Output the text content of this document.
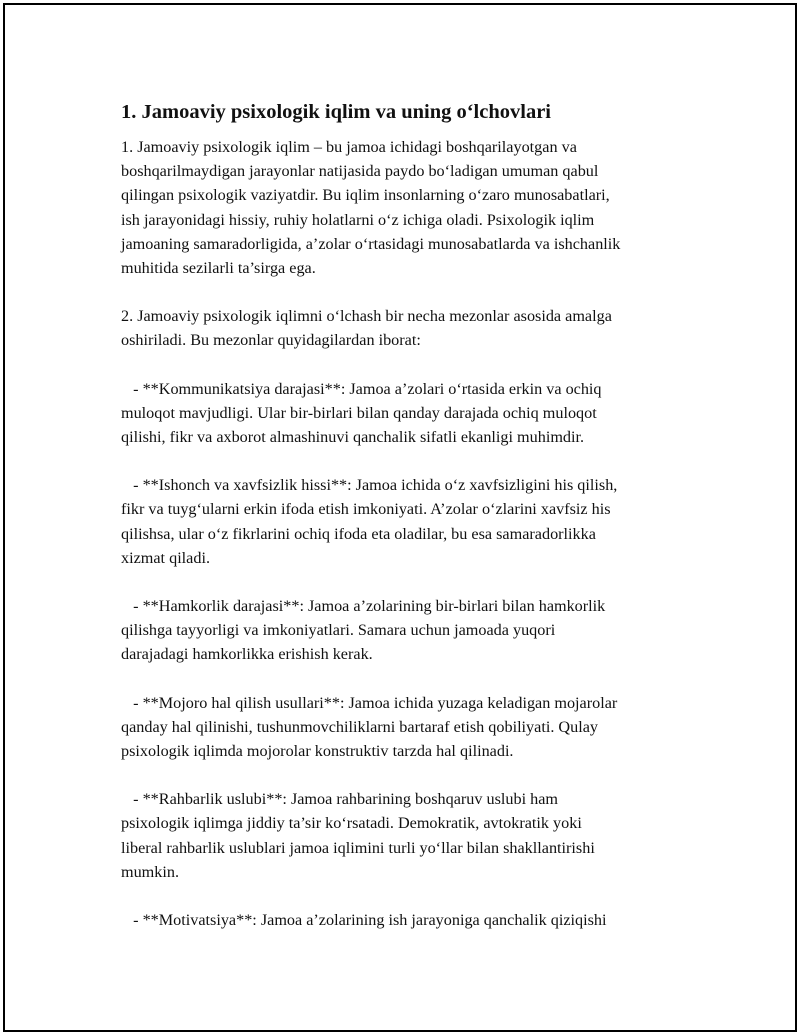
1. Jamoaviy psixologik iqlim va uning o‘lchovlari

1. Jamoaviy psixologik iqlim – bu jamoa ichidagi boshqarilayotgan va
boshqarilmaydigan jarayonlar natijasida paydo bo‘ladigan umuman qabul
qilingan psixologik vaziyatdir. Bu iqlim insonlarning o‘zaro munosabatlari,
ish jarayonidagi hissiy, ruhiy holatlarni o‘z ichiga oladi. Psixologik iqlim
jamoaning samaradorligida, a’zolar o‘rtasidagi munosabatlarda va ishchanlik
muhitida sezilarli ta’sirga ega.

2. Jamoaviy psixologik iqlimni o‘lchash bir necha mezonlar asosida amalga
oshiriladi. Bu mezonlar quyidagilardan iborat:

- **Kommunikatsiya darajasi**: Jamoa a’zolari o‘rtasida erkin va ochiq
muloqot mavjudligi. Ular bir-birlari bilan qanday darajada ochiq muloqot
qilishi, fikr va axborot almashinuvi qanchalik sifatli ekanligi muhimdir.

- **Ishonch va xavfsizlik hissi**: Jamoa ichida o‘z xavfsizligini his qilish,
fikr va tuyg‘ularni erkin ifoda etish imkoniyati. A’zolar o‘zlarini xavfsiz his
qilishsa, ular o‘z fikrlarini ochiq ifoda eta oladilar, bu esa samaradorlikka
xizmat qiladi.

- **Hamkorlik darajasi**: Jamoa a’zolarining bir-birlari bilan hamkorlik
qilishga tayyorligi va imkoniyatlari. Samara uchun jamoada yuqori
darajadagi hamkorlikka erishish kerak.

- **Mojoro hal qilish usullari**: Jamoa ichida yuzaga keladigan mojarolar
qanday hal qilinishi, tushunmovchiliklarni bartaraf etish qobiliyati. Qulay
psixologik iqlimda mojorolar konstruktiv tarzda hal qilinadi.

- **Rahbarlik uslubi**: Jamoa rahbarining boshqaruv uslubi ham
psixologik iqlimga jiddiy ta’sir ko‘rsatadi. Demokratik, avtokratik yoki
liberal rahbarlik uslublari jamoa iqlimini turli yo‘llar bilan shakllantirishi
mumkin.

- **Motivatsiya**: Jamoa a’zolarining ish jarayoniga qanchalik qiziqishi
